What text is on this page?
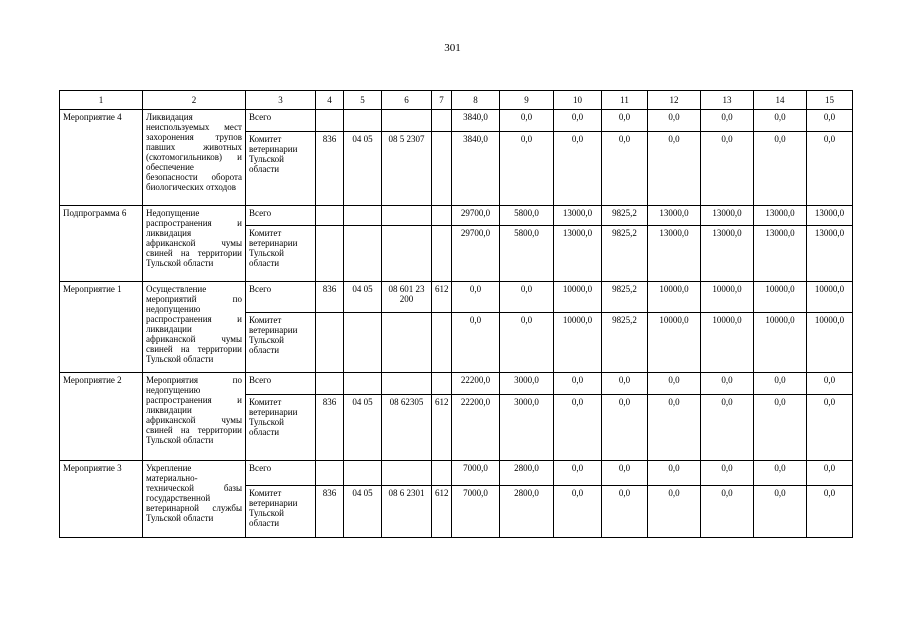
301
1	2	3	4	5	6	7	8	9	10	11	12	13	14	15
Мероприятие 4	Ликвидация неиспользуемых мест захоронения трупов павших животных (скотомогильников) и обеспечение безопасности оборота биологических отходов	Всего					3840,0	0,0	0,0	0,0	0,0	0,0	0,0	0,0
		Комитет ветеринарии Тульской области	836	04 05	08 5 2307		3840,0	0,0	0,0	0,0	0,0	0,0	0,0	0,0
Подпрограмма 6	Недопущение распространения и ликвидация африканской чумы свиней на территории Тульской области	Всего					29700,0	5800,0	13000,0	9825,2	13000,0	13000,0	13000,0	13000,0
		Комитет ветеринарии Тульской области					29700,0	5800,0	13000,0	9825,2	13000,0	13000,0	13000,0	13000,0
Мероприятие 1	Осуществление мероприятий по недопущению распространения и ликвидации африканской чумы свиней на территории Тульской области	Всего	836	04 05	08 601 23 200	612	0,0	0,0	10000,0	9825,2	10000,0	10000,0	10000,0	10000,0
		Комитет ветеринарии Тульской области					0,0	0,0	10000,0	9825,2	10000,0	10000,0	10000,0	10000,0
Мероприятие 2	Мероприятия по недопущению распространения и ликвидации африканской чумы свиней на территории Тульской области	Всего					22200,0	3000,0	0,0	0,0	0,0	0,0	0,0	0,0
		Комитет ветеринарии Тульской области	836	04 05	08 62305	612	22200,0	3000,0	0,0	0,0	0,0	0,0	0,0	0,0
Мероприятие 3	Укрепление материально-технической базы государственной ветеринарной службы Тульской области	Всего					7000,0	2800,0	0,0	0,0	0,0	0,0	0,0	0,0
		Комитет ветеринарии Тульской области	836	04 05	08 6 2301	612	7000,0	2800,0	0,0	0,0	0,0	0,0	0,0	0,0
